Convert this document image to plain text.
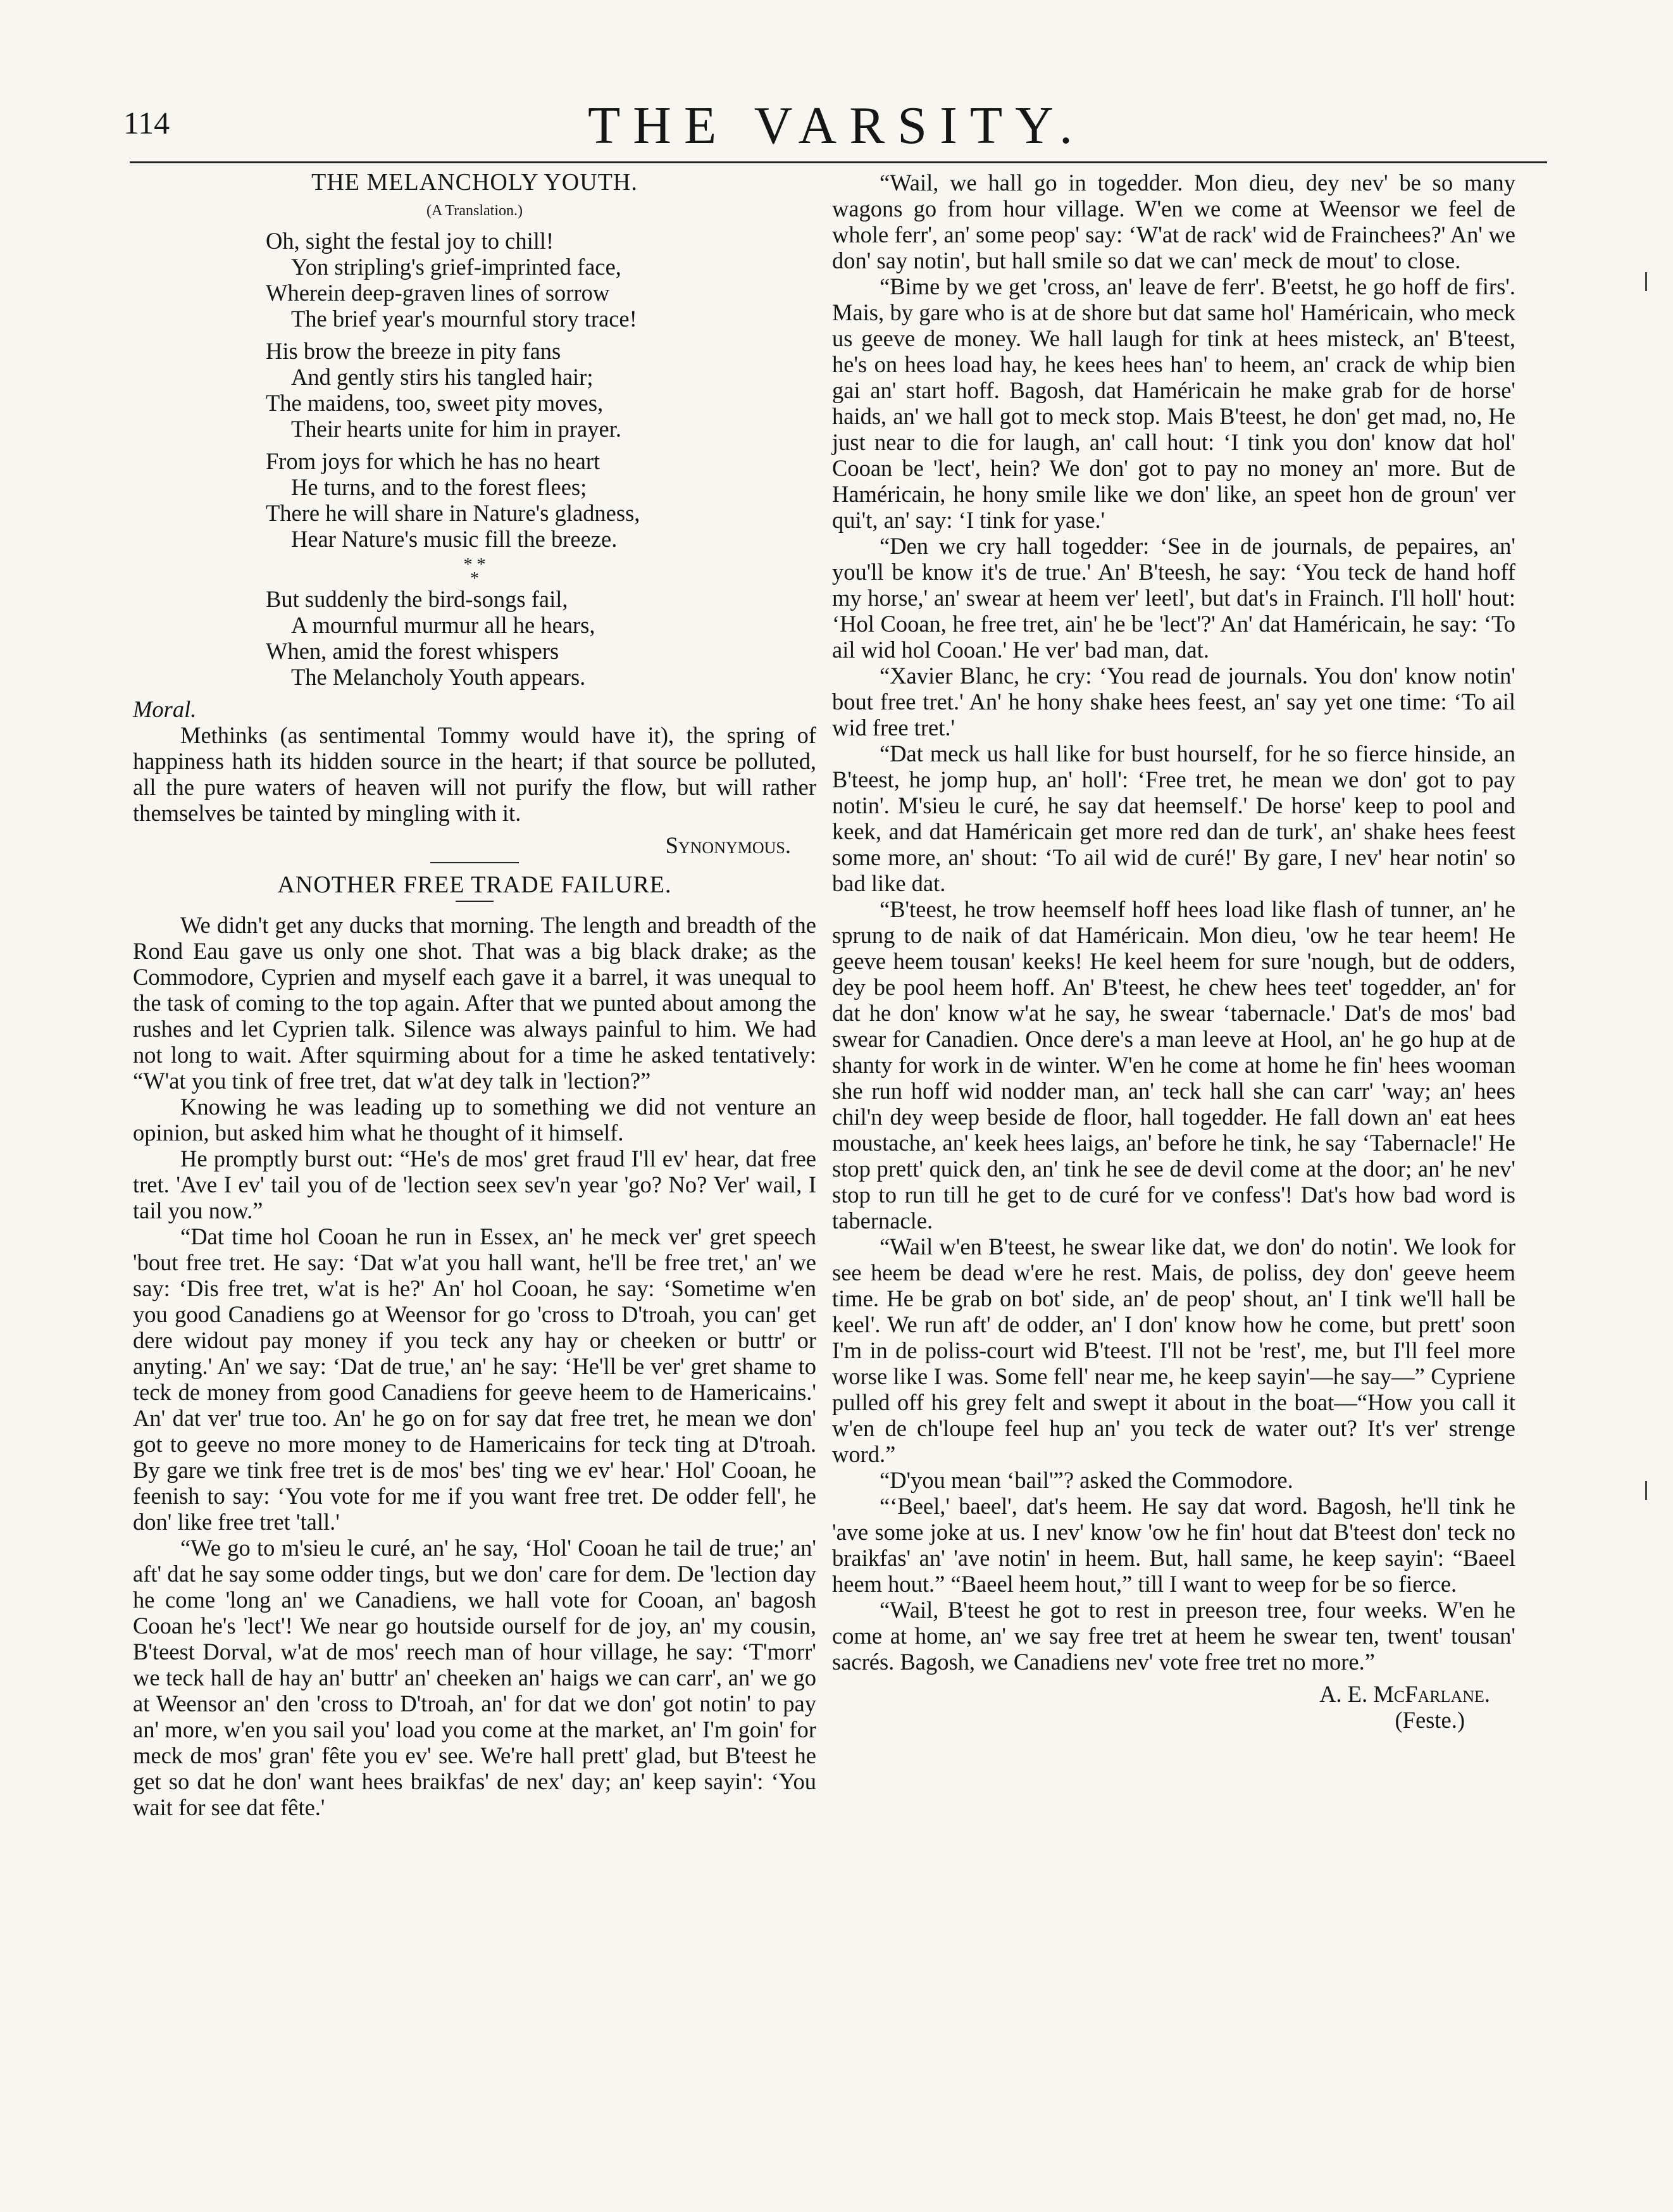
114	THE VARSITY.
THE MELANCHOLY YOUTH.
(A Translation.)

Oh, sight the festal joy to chill!

Yon stripling's grief-imprinted face,

Wherein deep-graven lines of sorrow

The brief year's mournful story trace!

His brow the breeze in pity fans

And gently stirs his tangled hair;

The maidens, too, sweet pity moves,

Their hearts unite for him in prayer.

From joys for which he has no heart

He turns, and to the forest flees;

There he will share in Nature's gladness,

Hear Nature's music fill the breeze.

* *
*

But suddenly the bird-songs fail,

A mournful murmur all he hears,

When, amid the forest whispers

The Melancholy Youth appears.

Moral.

Methinks (as sentimental Tommy would have it), the spring of happiness hath its hidden source in the heart; if that source be polluted, all the pure waters of heaven will not purify the flow, but will rather themselves be tainted by mingling with it.

Synonymous.
ANOTHER FREE TRADE FAILURE.

We didn't get any ducks that morning. The length and breadth of the Rond Eau gave us only one shot. That was a big black drake; as the Commodore, Cyprien and myself each gave it a barrel, it was unequal to the task of coming to the top again. After that we punted about among the rushes and let Cyprien talk. Silence was always painful to him. We had not long to wait. After squirming about for a time he asked tentatively: “W'at you tink of free tret, dat w'at dey talk in 'lection?”

Knowing he was leading up to something we did not venture an opinion, but asked him what he thought of it himself.

He promptly burst out: “He's de mos' gret fraud I'll ev' hear, dat free tret. 'Ave I ev' tail you of de 'lection seex sev'n year 'go? No? Ver' wail, I tail you now.”

“Dat time hol Cooan he run in Essex, an' he meck ver' gret speech 'bout free tret. He say: ‘Dat w'at you hall want, he'll be free tret,' an' we say: ‘Dis free tret, w'at is he?' An' hol Cooan, he say: ‘Sometime w'en you good Canadiens go at Weensor for go 'cross to D'troah, you can' get dere widout pay money if you teck any hay or cheeken or buttr' or anyting.' An' we say: ‘Dat de true,' an' he say: ‘He'll be ver' gret shame to teck de money from good Canadiens for geeve heem to de Hamericains.' An' dat ver' true too. An' he go on for say dat free tret, he mean we don' got to geeve no more money to de Hamericains for teck ting at D'troah. By gare we tink free tret is de mos' bes' ting we ev' hear.' Hol' Cooan, he feenish to say: ‘You vote for me if you want free tret. De odder fell', he don' like free tret 'tall.'

“We go to m'sieu le curé, an' he say, ‘Hol' Cooan he tail de true;' an' aft' dat he say some odder tings, but we don' care for dem. De 'lection day he come 'long an' we Canadiens, we hall vote for Cooan, an' bagosh Cooan he's 'lect'! We near go houtside ourself for de joy, an' my cousin, B'teest Dorval, w'at de mos' reech man of hour village, he say: ‘T'morr' we teck hall de hay an' buttr' an' cheeken an' haigs we can carr', an' we go at Weensor an' den 'cross to D'troah, an' for dat we don' got notin' to pay an' more, w'en you sail you' load you come at the market, an' I'm goin' for meck de mos' gran' fête you ev' see. We're hall prett' glad, but B'teest he get so dat he don' want hees braikfas' de nex' day; an' keep sayin': ‘You wait for see dat fête.'

“Wail, we hall go in togedder. Mon dieu, dey nev' be so many wagons go from hour village. W'en we come at Weensor we feel de whole ferr', an' some peop' say: ‘W'at de rack' wid de Frainchees?' An' we don' say notin', but hall smile so dat we can' meck de mout' to close.

“Bime by we get 'cross, an' leave de ferr'. B'eetst, he go hoff de firs'. Mais, by gare who is at de shore but dat same hol' Haméricain, who meck us geeve de money. We hall laugh for tink at hees misteck, an' B'teest, he's on hees load hay, he kees hees han' to heem, an' crack de whip bien gai an' start hoff. Bagosh, dat Haméricain he make grab for de horse' haids, an' we hall got to meck stop. Mais B'teest, he don' get mad, no, He just near to die for laugh, an' call hout: ‘I tink you don' know dat hol' Cooan be 'lect', hein? We don' got to pay no money an' more. But de Haméricain, he hony smile like we don' like, an speet hon de groun' ver qui't, an' say: ‘I tink for yase.'

“Den we cry hall togedder: ‘See in de journals, de pepaires, an' you'll be know it's de true.' An' B'teesh, he say: ‘You teck de hand hoff my horse,' an' swear at heem ver' leetl', but dat's in Frainch. I'll holl' hout: ‘Hol Cooan, he free tret, ain' he be 'lect'?' An' dat Haméricain, he say: ‘To ail wid hol Cooan.' He ver' bad man, dat.

“Xavier Blanc, he cry: ‘You read de journals. You don' know notin' bout free tret.' An' he hony shake hees feest, an' say yet one time: ‘To ail wid free tret.'

“Dat meck us hall like for bust hourself, for he so fierce hinside, an B'teest, he jomp hup, an' holl': ‘Free tret, he mean we don' got to pay notin'. M'sieu le curé, he say dat heemself.' De horse' keep to pool and keek, and dat Haméricain get more red dan de turk', an' shake hees feest some more, an' shout: ‘To ail wid de curé!' By gare, I nev' hear notin' so bad like dat.

“B'teest, he trow heemself hoff hees load like flash of tunner, an' he sprung to de naik of dat Haméricain. Mon dieu, 'ow he tear heem! He geeve heem tousan' keeks! He keel heem for sure 'nough, but de odders, dey be pool heem hoff. An' B'teest, he chew hees teet' togedder, an' for dat he don' know w'at he say, he swear ‘tabernacle.' Dat's de mos' bad swear for Canadien. Once dere's a man leeve at Hool, an' he go hup at de shanty for work in de winter. W'en he come at home he fin' hees wooman she run hoff wid nodder man, an' teck hall she can carr' 'way; an' hees chil'n dey weep beside de floor, hall togedder. He fall down an' eat hees moustache, an' keek hees laigs, an' before he tink, he say ‘Tabernacle!' He stop prett' quick den, an' tink he see de devil come at the door; an' he nev' stop to run till he get to de curé for ve confess'! Dat's how bad word is tabernacle.

“Wail w'en B'teest, he swear like dat, we don' do notin'. We look for see heem be dead w'ere he rest. Mais, de poliss, dey don' geeve heem time. He be grab on bot' side, an' de peop' shout, an' I tink we'll hall be keel'. We run aft' de odder, an' I don' know how he come, but prett' soon I'm in de poliss-court wid B'teest. I'll not be 'rest', me, but I'll feel more worse like I was. Some fell' near me, he keep sayin'—he say—” Cypriene pulled off his grey felt and swept it about in the boat—“How you call it w'en de ch'loupe feel hup an' you teck de water out? It's ver' strenge word.”

“D'you mean ‘bail'”? asked the Commodore.

“‘Beel,' baeel', dat's heem. He say dat word. Bagosh, he'll tink he 'ave some joke at us. I nev' know 'ow he fin' hout dat B'teest don' teck no braikfas' an' 'ave notin' in heem. But, hall same, he keep sayin': “Baeel heem hout.” “Baeel heem hout,” till I want to weep for be so fierce.

“Wail, B'teest he got to rest in preeson tree, four weeks. W'en he come at home, an' we say free tret at heem he swear ten, twent' tousan' sacrés. Bagosh, we Canadiens nev' vote free tret no more.”

A. E. McFarlane.
(Feste.)
